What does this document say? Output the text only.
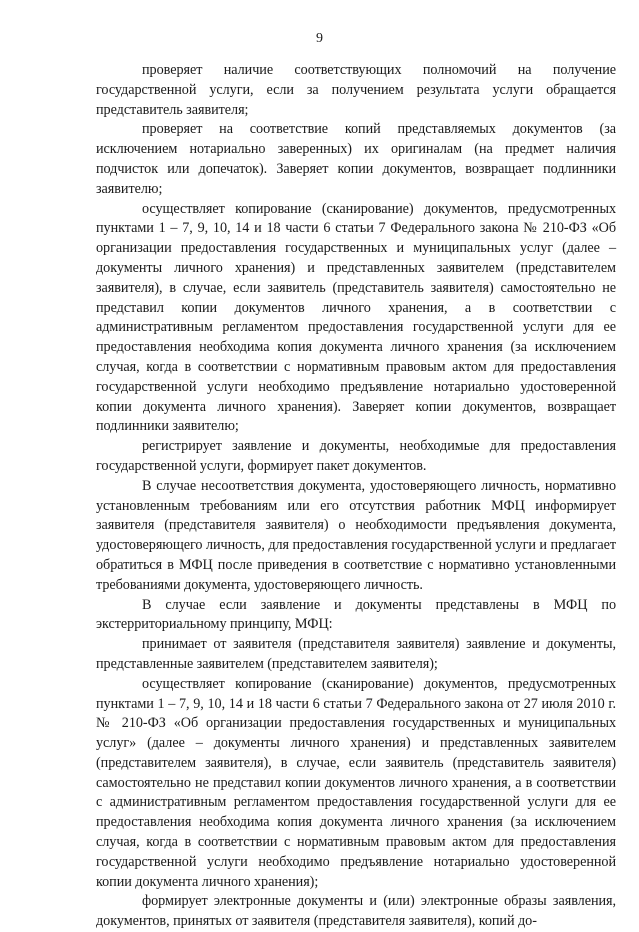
9

проверяет наличие соответствующих полномочий на получение государственной услуги, если за получением результата услуги обращается представитель заявителя;

проверяет на соответствие копий представляемых документов (за исключением нотариально заверенных) их оригиналам (на предмет наличия подчисток или допечаток). Заверяет копии документов, возвращает подлинники заявителю;

осуществляет копирование (сканирование) документов, предусмотренных пунктами 1 – 7, 9, 10, 14 и 18 части 6 статьи 7 Федерального закона № 210-ФЗ «Об организации предоставления государственных и муниципальных услуг (далее – документы личного хранения) и представленных заявителем (представителем заявителя), в случае, если заявитель (представитель заявителя) самостоятельно не представил копии документов личного хранения, а в соответствии с административным регламентом предоставления государственной услуги для ее предоставления необходима копия документа личного хранения (за исключением случая, когда в соответствии с нормативным правовым актом для предоставления государственной услуги необходимо предъявление нотариально удостоверенной копии документа личного хранения). Заверяет копии документов, возвращает подлинники заявителю;

регистрирует заявление и документы, необходимые для предоставления государственной услуги, формирует пакет документов.

В случае несоответствия документа, удостоверяющего личность, нормативно установленным требованиям или его отсутствия работник МФЦ информирует заявителя (представителя заявителя) о необходимости предъявления документа, удостоверяющего личность, для предоставления государственной услуги и предлагает обратиться в МФЦ после приведения в соответствие с нормативно установленными требованиями документа, удостоверяющего личность.

В случае если заявление и документы представлены в МФЦ по экстерриториальному принципу, МФЦ:

принимает от заявителя (представителя заявителя) заявление и документы, представленные заявителем (представителем заявителя);

осуществляет копирование (сканирование) документов, предусмотренных пунктами 1 – 7, 9, 10, 14 и 18 части 6 статьи 7 Федерального закона от 27 июля 2010 г. № 210-ФЗ «Об организации предоставления государственных и муниципальных услуг» (далее – документы личного хранения) и представленных заявителем (представителем заявителя), в случае, если заявитель (представитель заявителя) самостоятельно не представил копии документов личного хранения, а в соответствии с административным регламентом предоставления государственной услуги для ее предоставления необходима копия документа личного хранения (за исключением случая, когда в соответствии с нормативным правовым актом для предоставления государственной услуги необходимо предъявление нотариально удостоверенной копии документа личного хранения);

формирует электронные документы и (или) электронные образы заявления, документов, принятых от заявителя (представителя заявителя), копий до-
